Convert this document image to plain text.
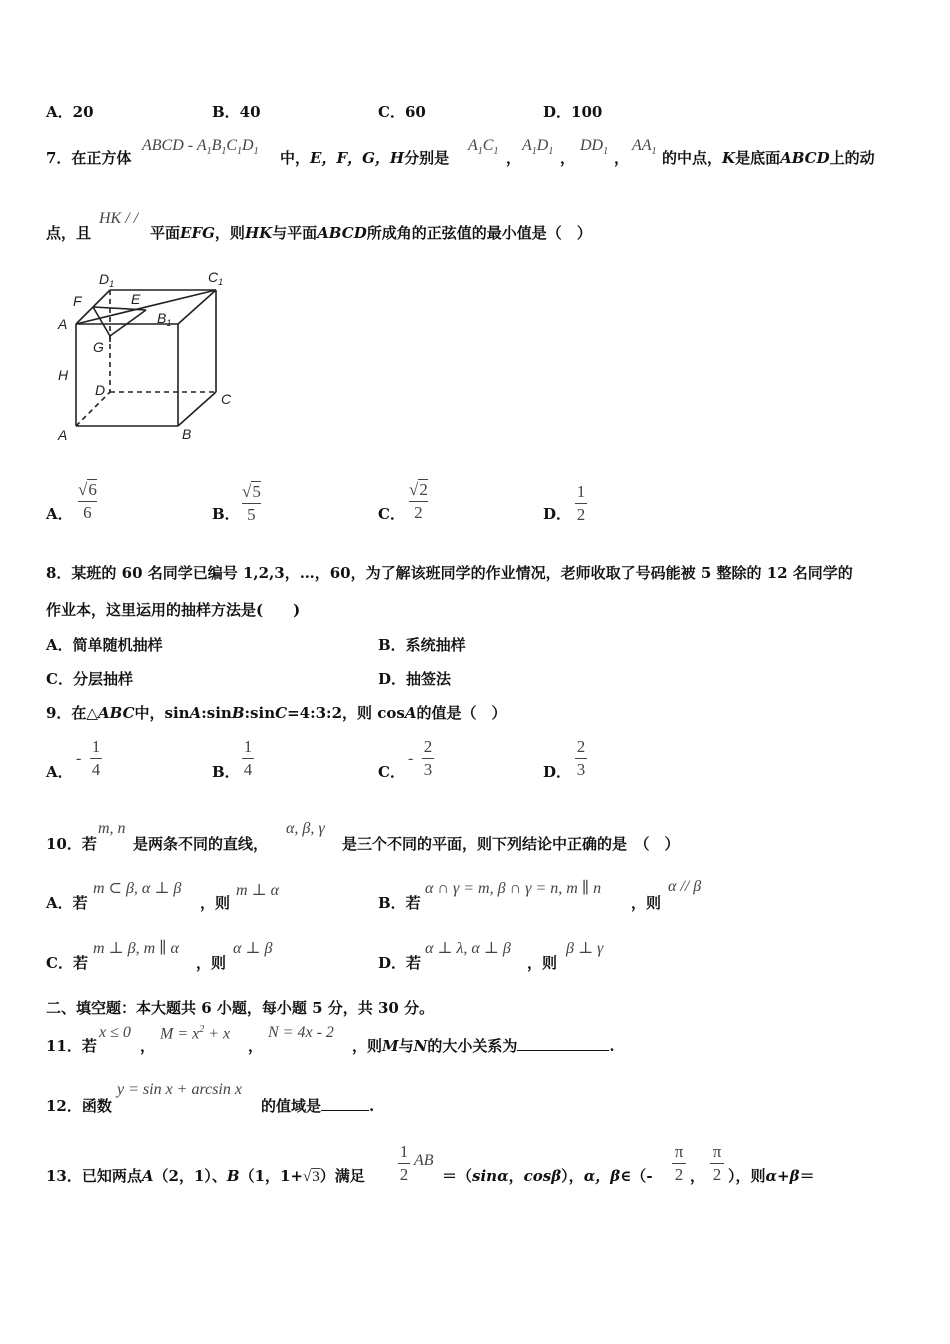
A．20	B．40	C．60	D．100
7．在正方体
ABCD - $A_1B_1C_1D_1$ 中，E，F，G，H分别是
$A_1C_1$ ，
$A_1D_1$ ，
$DD_1$ ，
$AA_1$ 的中点，K是底面ABCD上的动
点，且
HK / /
平面EFG，则HK与平面ABCD所成角的正弦值的最小值是（　）
$D_1$	$C_1$
F	E
A	$B_1$
G
H
D
C
A	B
A．
√6
6	B．
√5
5	C．
√2
2	D．
1
2
8．某班的 60 名同学已编号 1,2,3，…，60，为了解该班同学的作业情况，老师收取了号码能被 5 整除的 12 名同学的
作业本，这里运用的抽样方法是(　　)
A．简单随机抽样	B．系统抽样
C．分层抽样	D．抽签法
9．在△ABC中，sinA:sinB:sinC=4:3:2，则 cosA的值是（　）
A．
-
1
4	B．
1
4	C．
-
2
3	D．
2
3
10．若
m, n
是两条不同的直线，
α, β, γ
是三个不同的平面，则下列结论中正确的是　（　）
A．若
m ⊂ β, α ⊥ β
，则
m ⊥ α
B．若
α ∩ γ = m, β ∩ γ = n, m ∥ n
，则
α // β
C．若
m ⊥ β, m ∥ α
，则
α ⊥ β
D．若
α ⊥ λ, α ⊥ β
，则
β ⊥ γ
二、填空题：本大题共 6 小题，每小题 5 分，共 30 分。
11．若
x ≤ 0
，
$M = x^2 + x$
，
N = 4x - 2
，则M与N的大小关系为	.
12．函数
y = sin x + arcsin x
的值域是	.
13．已知两点A（2，1）、B（1，1+√3）满足
1
2
AB
＝（sinα，cosβ），α，β∈（-
π
2 ，
π
2 ），则α+β＝
